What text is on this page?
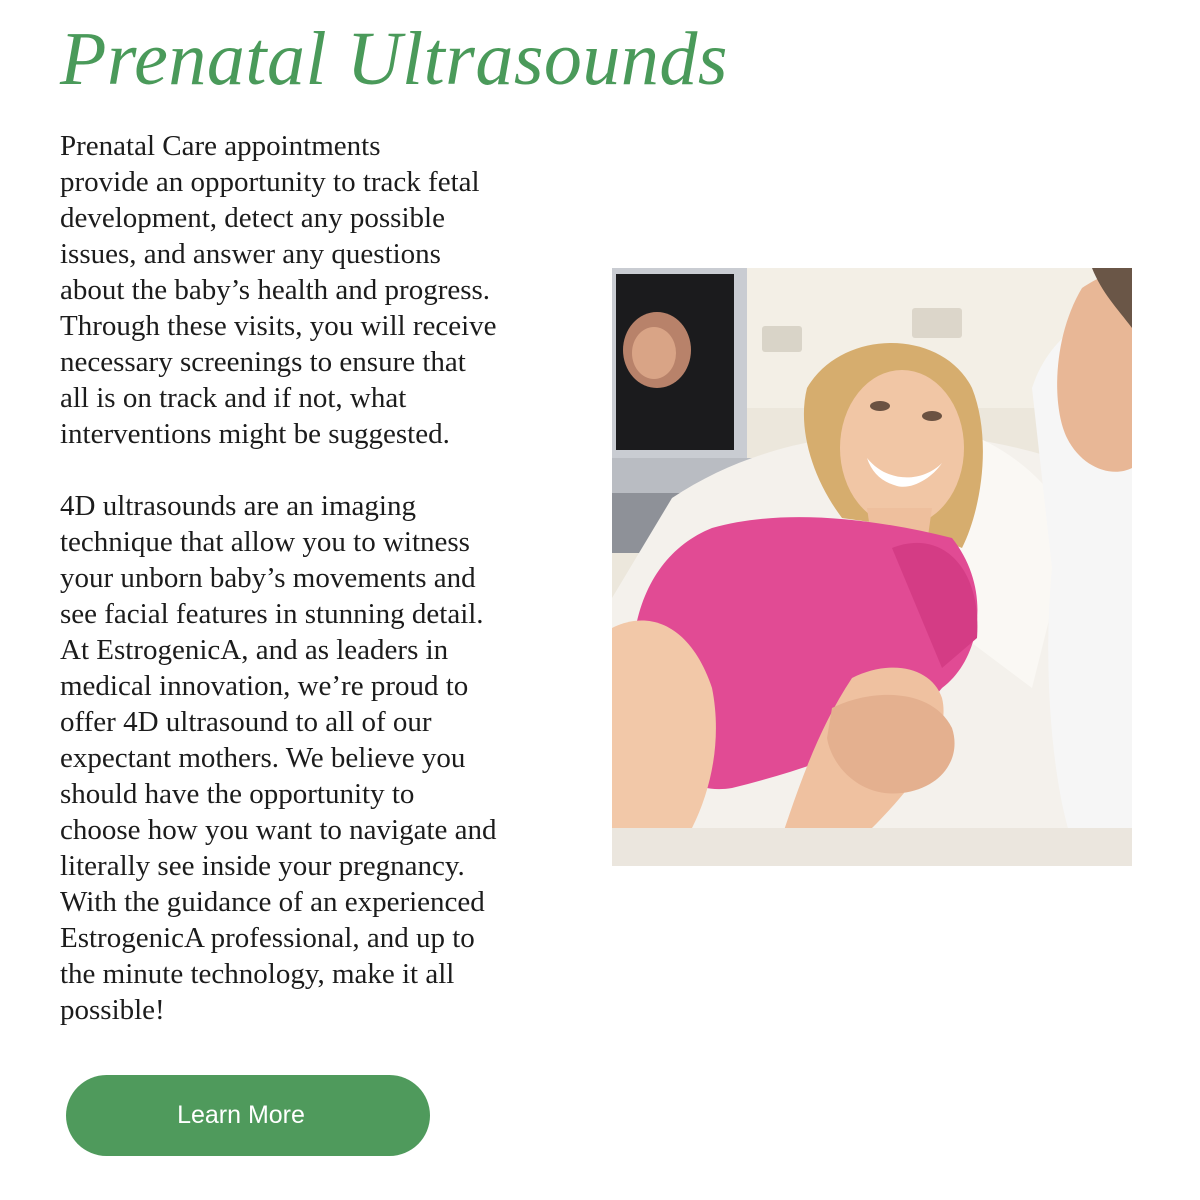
Prenatal Ultrasounds

Prenatal Care appointments
provide an opportunity to track fetal
development, detect any possible
issues, and answer any questions
about the baby’s health and progress.
Through these visits, you will receive
necessary screenings to ensure that
all is on track and if not, what
interventions might be suggested.

4D ultrasounds are an imaging
technique that allow you to witness
your unborn baby’s movements and
see facial features in stunning detail.
At EstrogenicA, and as leaders in
medical innovation, we’re proud to
offer 4D ultrasound to all of our
expectant mothers. We believe you
should have the opportunity to
choose how you want to navigate and
literally see inside your pregnancy.
With the guidance of an experienced
EstrogenicA professional, and up to
the minute technology, make it all
possible!

Learn More
